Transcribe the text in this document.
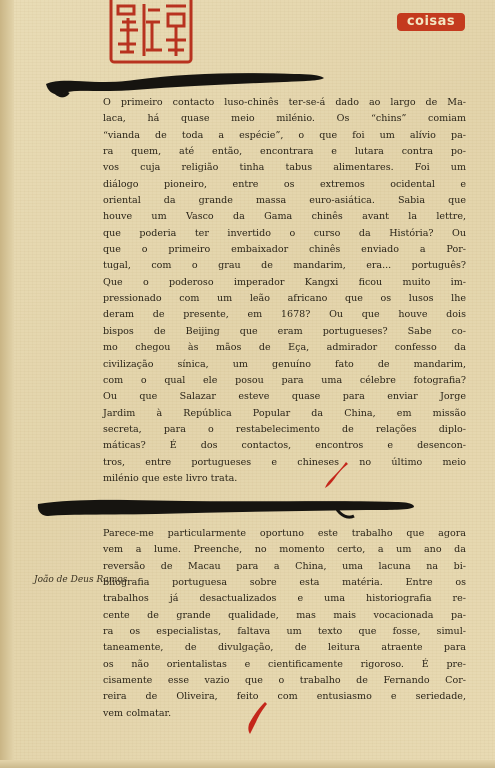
coisas
O primeiro contacto luso-chinês ter-se-á dado ao largo de Ma-
laca, há quase meio milénio. Os “chins” comiam
“vianda de toda a espécie”, o que foi um alívio pa-
ra quem, até então, encontrara e lutara contra po-
vos cuja religião tinha tabus alimentares. Foi um
diálogo pioneiro, entre os extremos ocidental e
oriental da grande massa euro-asiática. Sabia que
houve um Vasco da Gama chinês avant la lettre,
que poderia ter invertido o curso da História? Ou
que o primeiro embaixador chinês enviado a Por-
tugal, com o grau de mandarim, era... português?
Que o poderoso imperador Kangxi ficou muito im-
pressionado com um leão africano que os lusos lhe
deram de presente, em 1678? Ou que houve dois
bispos de Beijing que eram portugueses? Sabe co-
mo chegou às mãos de Eça, admirador confesso da
civilização sínica, um genuíno fato de mandarim,
com o qual ele posou para uma célebre fotografia?
Ou que Salazar esteve quase para enviar Jorge
Jardim à República Popular da China, em missão
secreta, para o restabelecimento de relações diplo-
máticas? É dos contactos, encontros e desencon-
tros, entre portugueses e chineses no último meio
milénio que este livro trata.
Parece-me particularmente oportuno este trabalho que agora
vem a lume. Preenche, no momento certo, a um ano da
reversão de Macau para a China, uma lacuna na bi-
bliografia portuguesa sobre esta matéria. Entre os
trabalhos já desactualizados e uma historiografia re-
cente de grande qualidade, mas mais vocacionada pa-
ra os especialistas, faltava um texto que fosse, simul-
taneamente, de divulgação, de leitura atraente para
os não orientalistas e cientificamente rigoroso. É pre-
cisamente esse vazio que o trabalho de Fernando Cor-
reira de Oliveira, feito com entusiasmo e seriedade,
vem colmatar.
João de Deus Ramos
